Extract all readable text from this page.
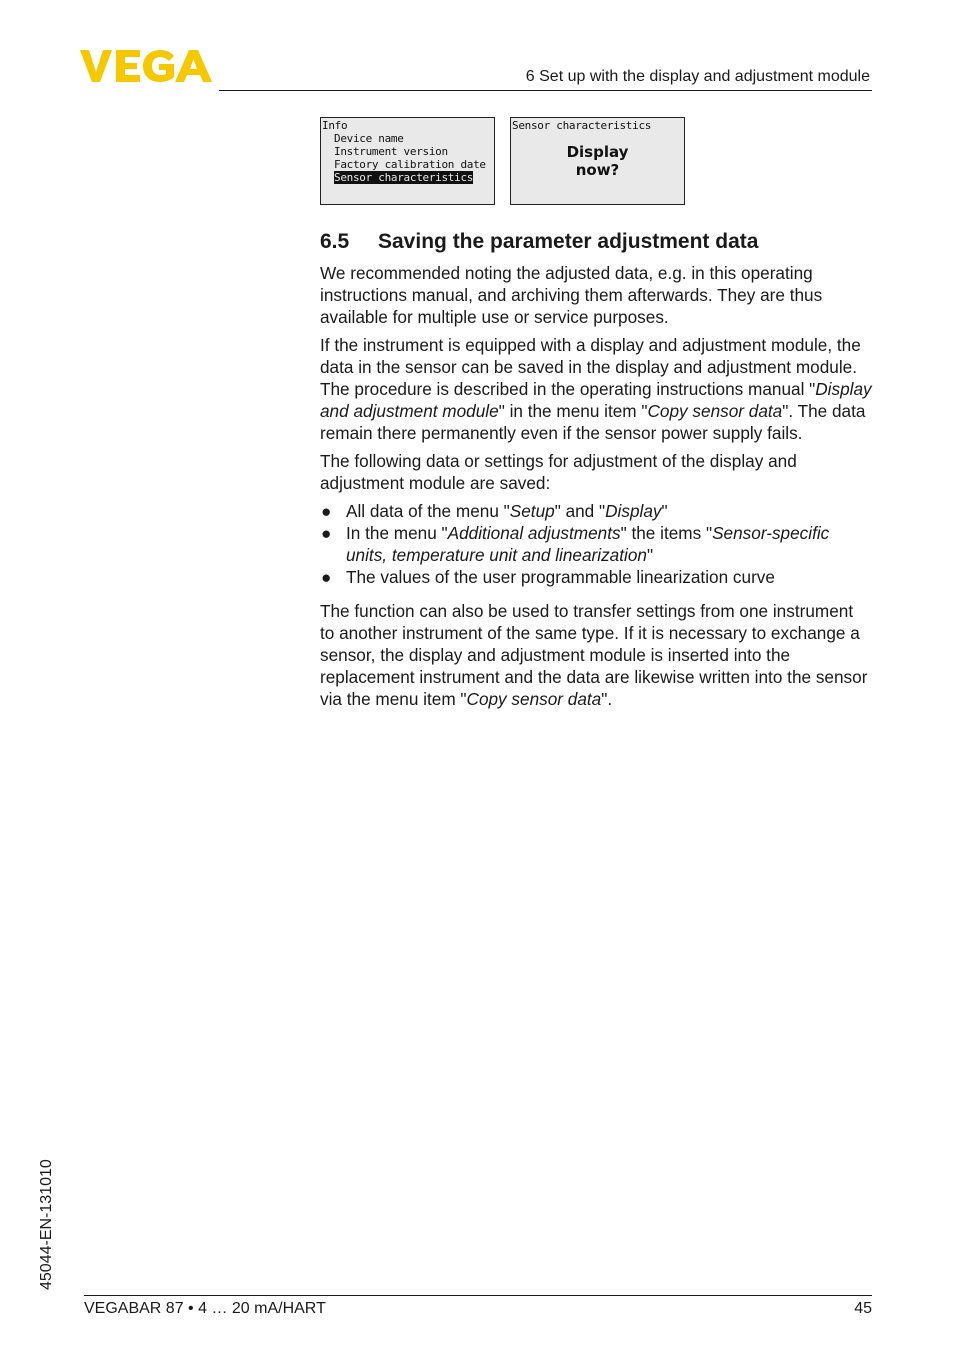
6 Set up with the display and adjustment module
Info
Device name
Instrument version
Factory calibration date
Sensor characteristics
Sensor characteristics
Display
now?
6.5 Saving the parameter adjustment data

We recommended noting the adjusted data, e.g. in this operating instructions manual, and archiving them afterwards. They are thus available for multiple use or service purposes.

If the instrument is equipped with a display and adjustment module, the data in the sensor can be saved in the display and adjustment module. The procedure is described in the operating instructions manual "Display and adjustment module" in the menu item "Copy sensor data". The data remain there permanently even if the sensor power supply fails.

The following data or settings for adjustment of the display and adjustment module are saved:

● All data of the menu "Setup" and "Display"
● In the menu "Additional adjustments" the items "Sensor-specific units, temperature unit and linearization"
● The values of the user programmable linearization curve

The function can also be used to transfer settings from one instrument to another instrument of the same type. If it is necessary to exchange a sensor, the display and adjustment module is inserted into the replacement instrument and the data are likewise written into the sensor via the menu item "Copy sensor data".

45044-EN-131010
VEGABAR 87 • 4 … 20 mA/HART	45
